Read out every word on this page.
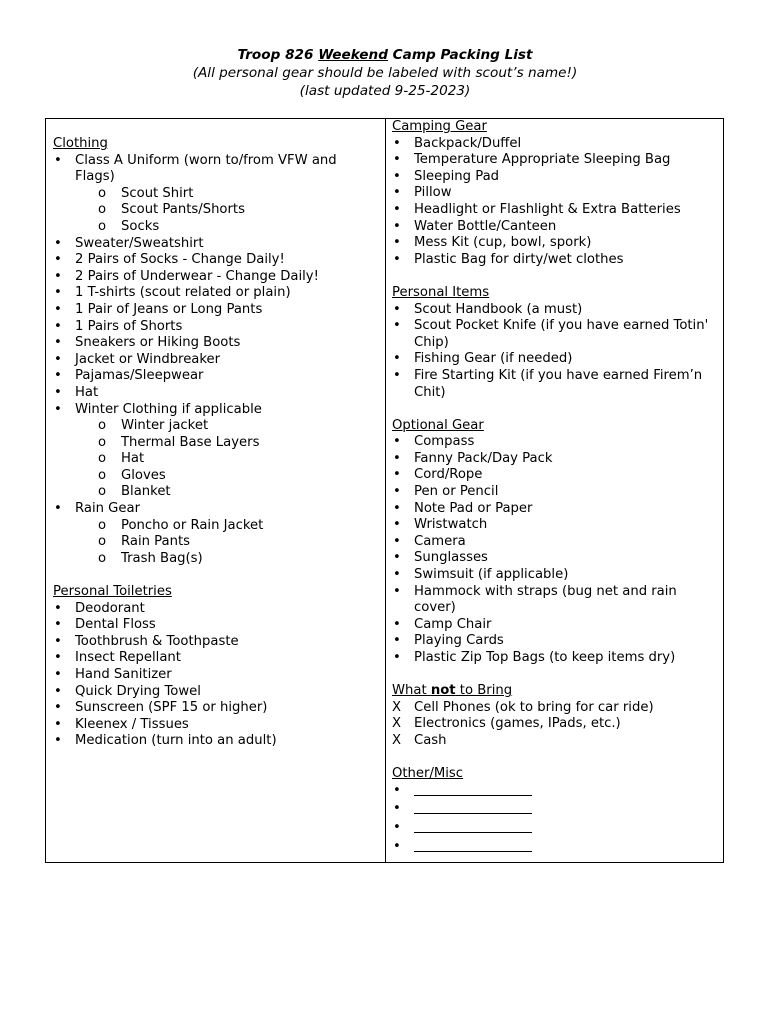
Troop 826 Weekend Camp Packing List
(All personal gear should be labeled with scout’s name!)
(last updated 9-25-2023)
Clothing
• Class A Uniform (worn to/from VFW and Flags)
o Scout Shirt
o Scout Pants/Shorts
o Socks
• Sweater/Sweatshirt
• 2 Pairs of Socks - Change Daily!
• 2 Pairs of Underwear - Change Daily!
• 1 T-shirts (scout related or plain)
• 1 Pair of Jeans or Long Pants
• 1 Pairs of Shorts
• Sneakers or Hiking Boots
• Jacket or Windbreaker
• Pajamas/Sleepwear
• Hat
• Winter Clothing if applicable
o Winter jacket
o Thermal Base Layers
o Hat
o Gloves
o Blanket
• Rain Gear
o Poncho or Rain Jacket
o Rain Pants
o Trash Bag(s)
Personal Toiletries
• Deodorant
• Dental Floss
• Toothbrush & Toothpaste
• Insect Repellant
• Hand Sanitizer
• Quick Drying Towel
• Sunscreen (SPF 15 or higher)
• Kleenex / Tissues
• Medication (turn into an adult)
Camping Gear
• Backpack/Duffel
• Temperature Appropriate Sleeping Bag
• Sleeping Pad
• Pillow
• Headlight or Flashlight & Extra Batteries
• Water Bottle/Canteen
• Mess Kit (cup, bowl, spork)
• Plastic Bag for dirty/wet clothes
Personal Items
• Scout Handbook (a must)
• Scout Pocket Knife (if you have earned Totin' Chip)
• Fishing Gear (if needed)
• Fire Starting Kit (if you have earned Firem’n Chit)
Optional Gear
• Compass
• Fanny Pack/Day Pack
• Cord/Rope
• Pen or Pencil
• Note Pad or Paper
• Wristwatch
• Camera
• Sunglasses
• Swimsuit (if applicable)
• Hammock with straps (bug net and rain cover)
• Camp Chair
• Playing Cards
• Plastic Zip Top Bags (to keep items dry)
What not to Bring
X Cell Phones (ok to bring for car ride)
X Electronics (games, IPads, etc.)
X Cash
Other/Misc
•
•
•
•
